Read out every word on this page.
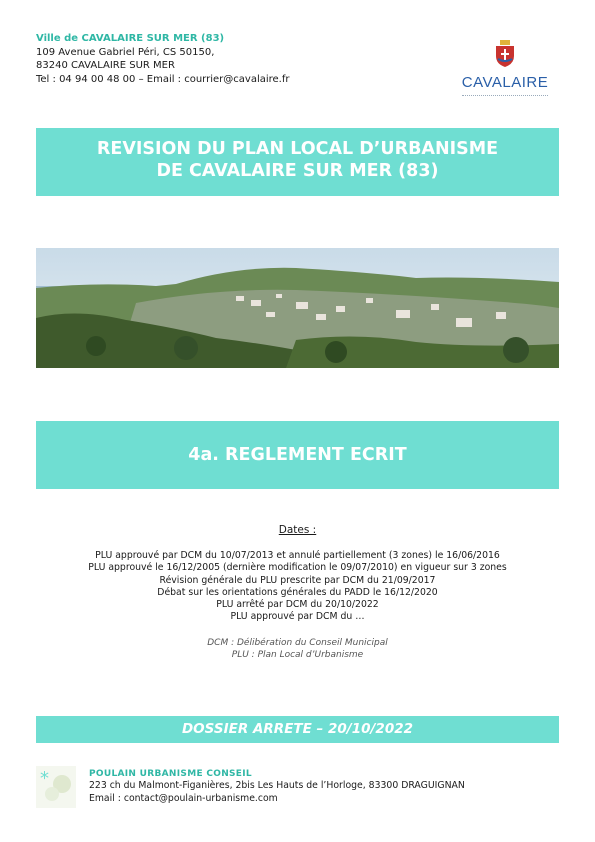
Ville de CAVALAIRE SUR MER (83)
109 Avenue Gabriel Péri, CS 50150,
83240 CAVALAIRE SUR MER
Tel : 04 94 00 48 00 – Email : courrier@cavalaire.fr	CAVALAIRE
REVISION DU PLAN LOCAL D’URBANISME
DE CAVALAIRE SUR MER (83)
4a. REGLEMENT ECRIT
Dates :
PLU approuvé par DCM du 10/07/2013 et annulé partiellement (3 zones) le 16/06/2016
PLU approuvé le 16/12/2005 (dernière modification le 09/07/2010) en vigueur sur 3 zones
Révision générale du PLU prescrite par DCM du 21/09/2017
Débat sur les orientations générales du PADD le 16/12/2020
PLU arrêté par DCM du 20/10/2022
PLU approuvé par DCM du …
DCM : Délibération du Conseil Municipal
PLU : Plan Local d’Urbanisme
DOSSIER ARRETE – 20/10/2022
*	POULAIN URBANISME CONSEIL
223 ch du Malmont-Figanières, 2bis Les Hauts de l’Horloge, 83300 DRAGUIGNAN
Email : contact@poulain-urbanisme.com
